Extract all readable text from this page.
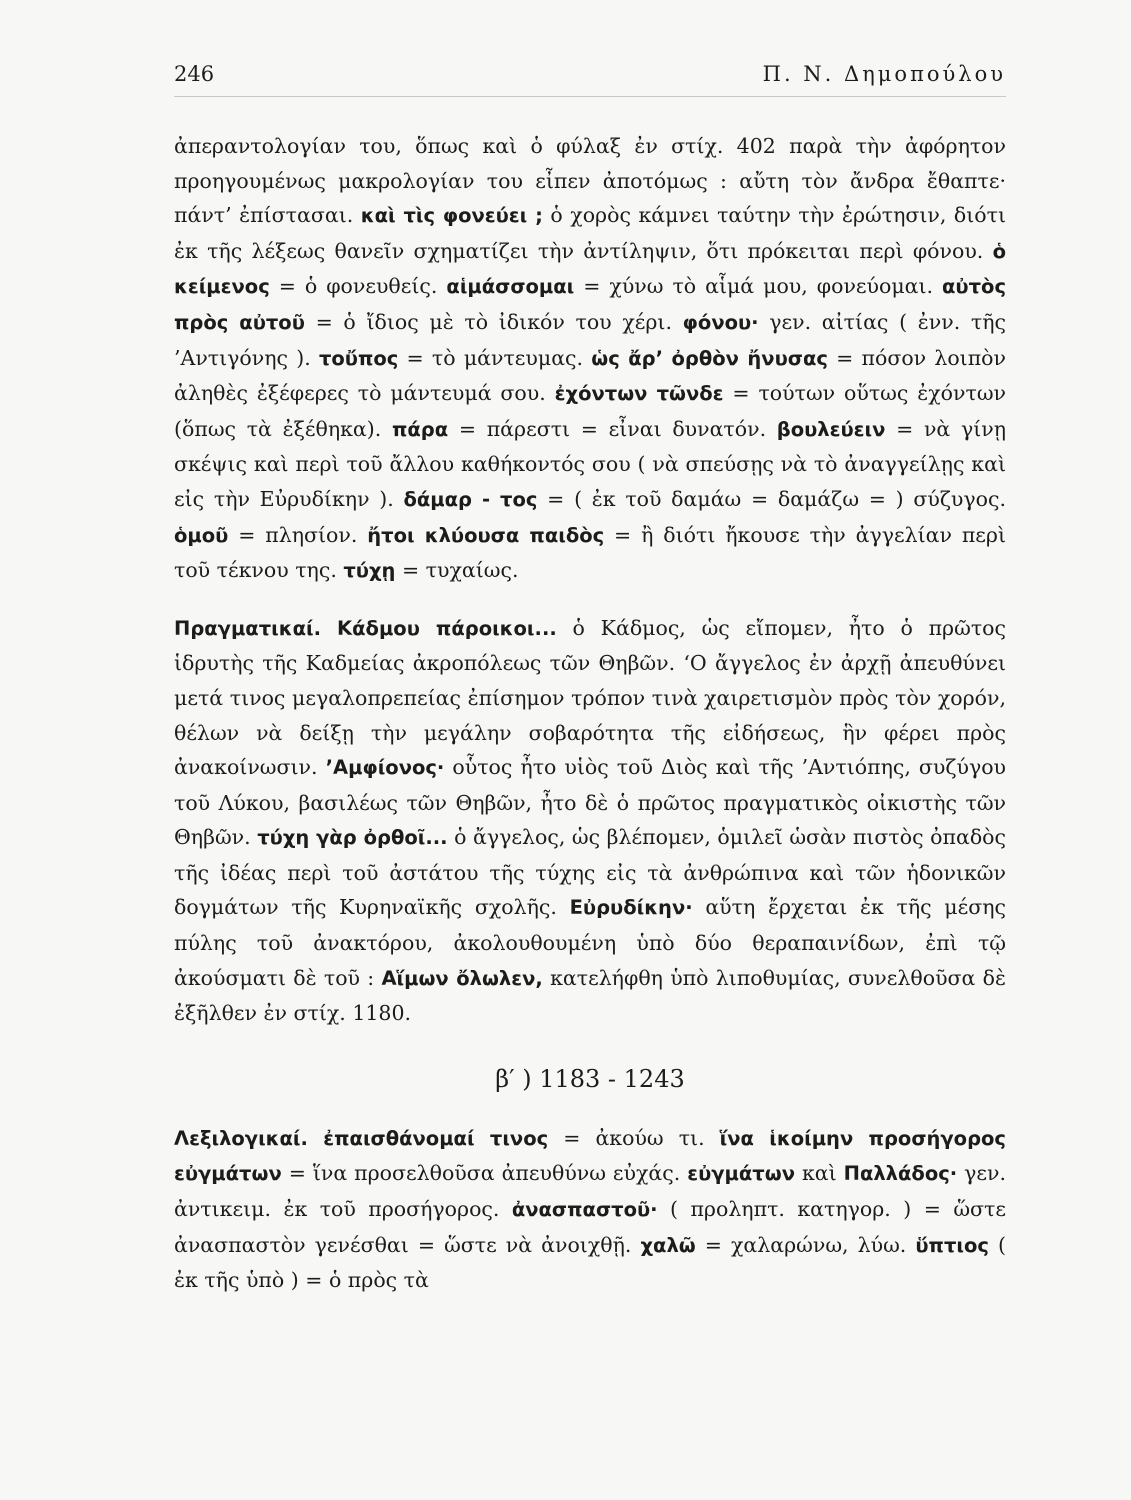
246	Π. Ν. Δημοπούλου

ἀπεραντολογίαν του, ὅπως καὶ ὁ φύλαξ ἐν στίχ. 402 παρὰ τὴν ἀφόρητον προηγουμένως μακρολογίαν του εἶπεν ἀποτόμως : αὔτη τὸν ἄνδρα ἔθαπτε· πάντ’ ἐπίστασαι. καὶ τὶς φονεύει ; ὁ χορὸς κάμνει ταύτην τὴν ἐρώτησιν, διότι ἐκ τῆς λέξεως θανεῖν σχηματίζει τὴν ἀντίληψιν, ὅτι πρόκειται περὶ φόνου. ὁ κείμενος = ὁ φονευθείς. αἱμάσσομαι = χύνω τὸ αἷμά μου, φονεύομαι. αὐτὸς πρὸς αὐτοῦ = ὁ ἴδιος μὲ τὸ ἰδικόν του χέρι. φόνου· γεν. αἰτίας ( ἐνν. τῆς ’Αντιγόνης ). τοὔπος = τὸ μάντευμας. ὡς ἄρ’ ὀρθὸν ἤνυσας = πόσον λοιπὸν ἀληθὲς ἐξέφερες τὸ μάντευμά σου. ἐχόντων τῶνδε = τούτων οὕτως ἐχόντων (ὅπως τὰ ἐξέθηκα). πάρα = πάρεστι = εἶναι δυνατόν. βουλεύειν = νὰ γίνῃ σκέψις καὶ περὶ τοῦ ἄλλου καθήκοντός σου ( νὰ σπεύσῃς νὰ τὸ ἀναγγείλῃς καὶ εἰς τὴν Εὐρυδίκην ). δάμαρ - τος = ( ἐκ τοῦ δαμάω = δαμάζω = ) σύζυγος. ὁμοῦ = πλησίον. ἤτοι κλύουσα παιδὸς = ἢ διότι ἤκουσε τὴν ἀγγελίαν περὶ τοῦ τέκνου της. τύχῃ = τυχαίως.

Πραγματικαί. Κάδμου πάροικοι... ὁ Κάδμος, ὡς εἴπομεν, ἦτο ὁ πρῶτος ἱδρυτὴς τῆς Καδμείας ἀκροπόλεως τῶν Θηβῶν. ‘Ο ἄγγελος ἐν ἀρχῇ ἀπευθύνει μετά τινος μεγαλοπρεπείας ἐπίσημον τρόπον τινὰ χαιρετισμὸν πρὸς τὸν χορόν, θέλων νὰ δείξῃ τὴν μεγάλην σοβαρότητα τῆς εἰδήσεως, ἣν φέρει πρὸς ἀνακοίνωσιν. ’Αμφίονος· οὗτος ἦτο υἱὸς τοῦ Διὸς καὶ τῆς ’Αντιόπης, συζύγου τοῦ Λύκου, βασιλέως τῶν Θηβῶν, ἦτο δὲ ὁ πρῶτος πραγματικὸς οἰκιστὴς τῶν Θηβῶν. τύχη γὰρ ὀρθοῖ... ὁ ἄγγελος, ὡς βλέπομεν, ὁμιλεῖ ὡσὰν πιστὸς ὀπαδὸς τῆς ἰδέας περὶ τοῦ ἀστάτου τῆς τύχης εἰς τὰ ἀνθρώπινα καὶ τῶν ἡδονικῶν δογμάτων τῆς Κυρηναϊκῆς σχολῆς. Εὐρυδίκην· αὕτη ἔρχεται ἐκ τῆς μέσης πύλης τοῦ ἀνακτόρου, ἀκολουθουμένη ὑπὸ δύο θεραπαινίδων, ἐπὶ τῷ ἀκούσματι δὲ τοῦ : Αἵμων ὄλωλεν, κατελήφθη ὑπὸ λιποθυμίας, συνελθοῦσα δὲ ἐξῆλθεν ἐν στίχ. 1180.

β′ ) 1183 - 1243

Λεξιλογικαί. ἐπαισθάνομαί τινος = ἀκούω τι. ἵνα ἱκοίμην προσήγορος εὐγμάτων = ἵνα προσελθοῦσα ἀπευθύνω εὐχάς. εὐγμάτων καὶ Παλλάδος· γεν. ἀντικειμ. ἐκ τοῦ προσήγορος. ἀνασπαστοῦ· ( προληπτ. κατηγορ. ) = ὥστε ἀνασπαστὸν γενέσθαι = ὥστε νὰ ἀνοιχθῇ. χαλῶ = χαλαρώνω, λύω. ὕπτιος ( ἐκ τῆς ὑπὸ ) = ὁ πρὸς τὰ
